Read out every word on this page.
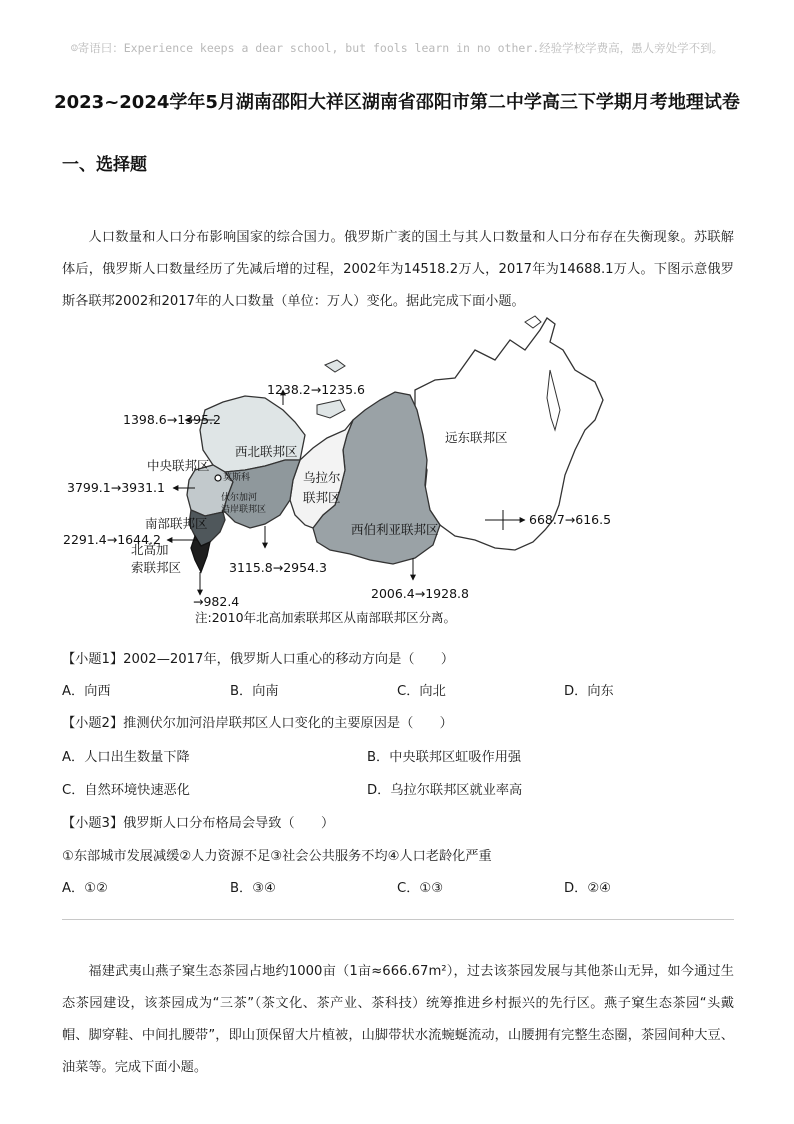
☺寄语曰：Experience keeps a dear school, but fools learn in no other.经验学校学费高，愚人旁处学不到。
2023~2024学年5月湖南邵阳大祥区湖南省邵阳市第二中学高三下学期月考地理试卷
一、选择题
人口数量和人口分布影响国家的综合国力。俄罗斯广袤的国土与其人口数量和人口分布存在失衡现象。苏联解体后，俄罗斯人口数量经历了先减后增的过程，2002年为14518.2万人，2017年为14688.1万人。下图示意俄罗斯各联邦2002和2017年的人口数量（单位：万人）变化。据此完成下面小题。
西北联邦区
中央联邦区
莫斯科
伏尔加河
沿岸联邦区
南部联邦区
北高加
索联邦区
乌拉尔
联邦区
西伯利亚联邦区
远东联邦区
1238.2→1235.6
1398.6→1395.2
3799.1→3931.1
2291.4→1644.2
→982.4
3115.8→2954.3
2006.4→1928.8
668.7→616.5
注:2010年北高加索联邦区从南部联邦区分离。
【小题1】2002—2017年，俄罗斯人口重心的移动方向是（　　）
A．向西	B．向南	C．向北	D．向东
【小题2】推测伏尔加河沿岸联邦区人口变化的主要原因是（　　）
A．人口出生数量下降	B．中央联邦区虹吸作用强
C．自然环境快速恶化	D．乌拉尔联邦区就业率高
【小题3】俄罗斯人口分布格局会导致（　　）
①东部城市发展减缓②人力资源不足③社会公共服务不均④人口老龄化严重
A．①②	B．③④	C．①③	D．②④
福建武夷山燕子窠生态茶园占地约1000亩（1亩≈666.67m²），过去该茶园发展与其他茶山无异，如今通过生态茶园建设，该茶园成为“三茶”（茶文化、茶产业、茶科技）统筹推进乡村振兴的先行区。燕子窠生态茶园“头戴帽、脚穿鞋、中间扎腰带”，即山顶保留大片植被，山脚带状水流蜿蜒流动，山腰拥有完整生态圈，茶园间种大豆、油菜等。完成下面小题。
